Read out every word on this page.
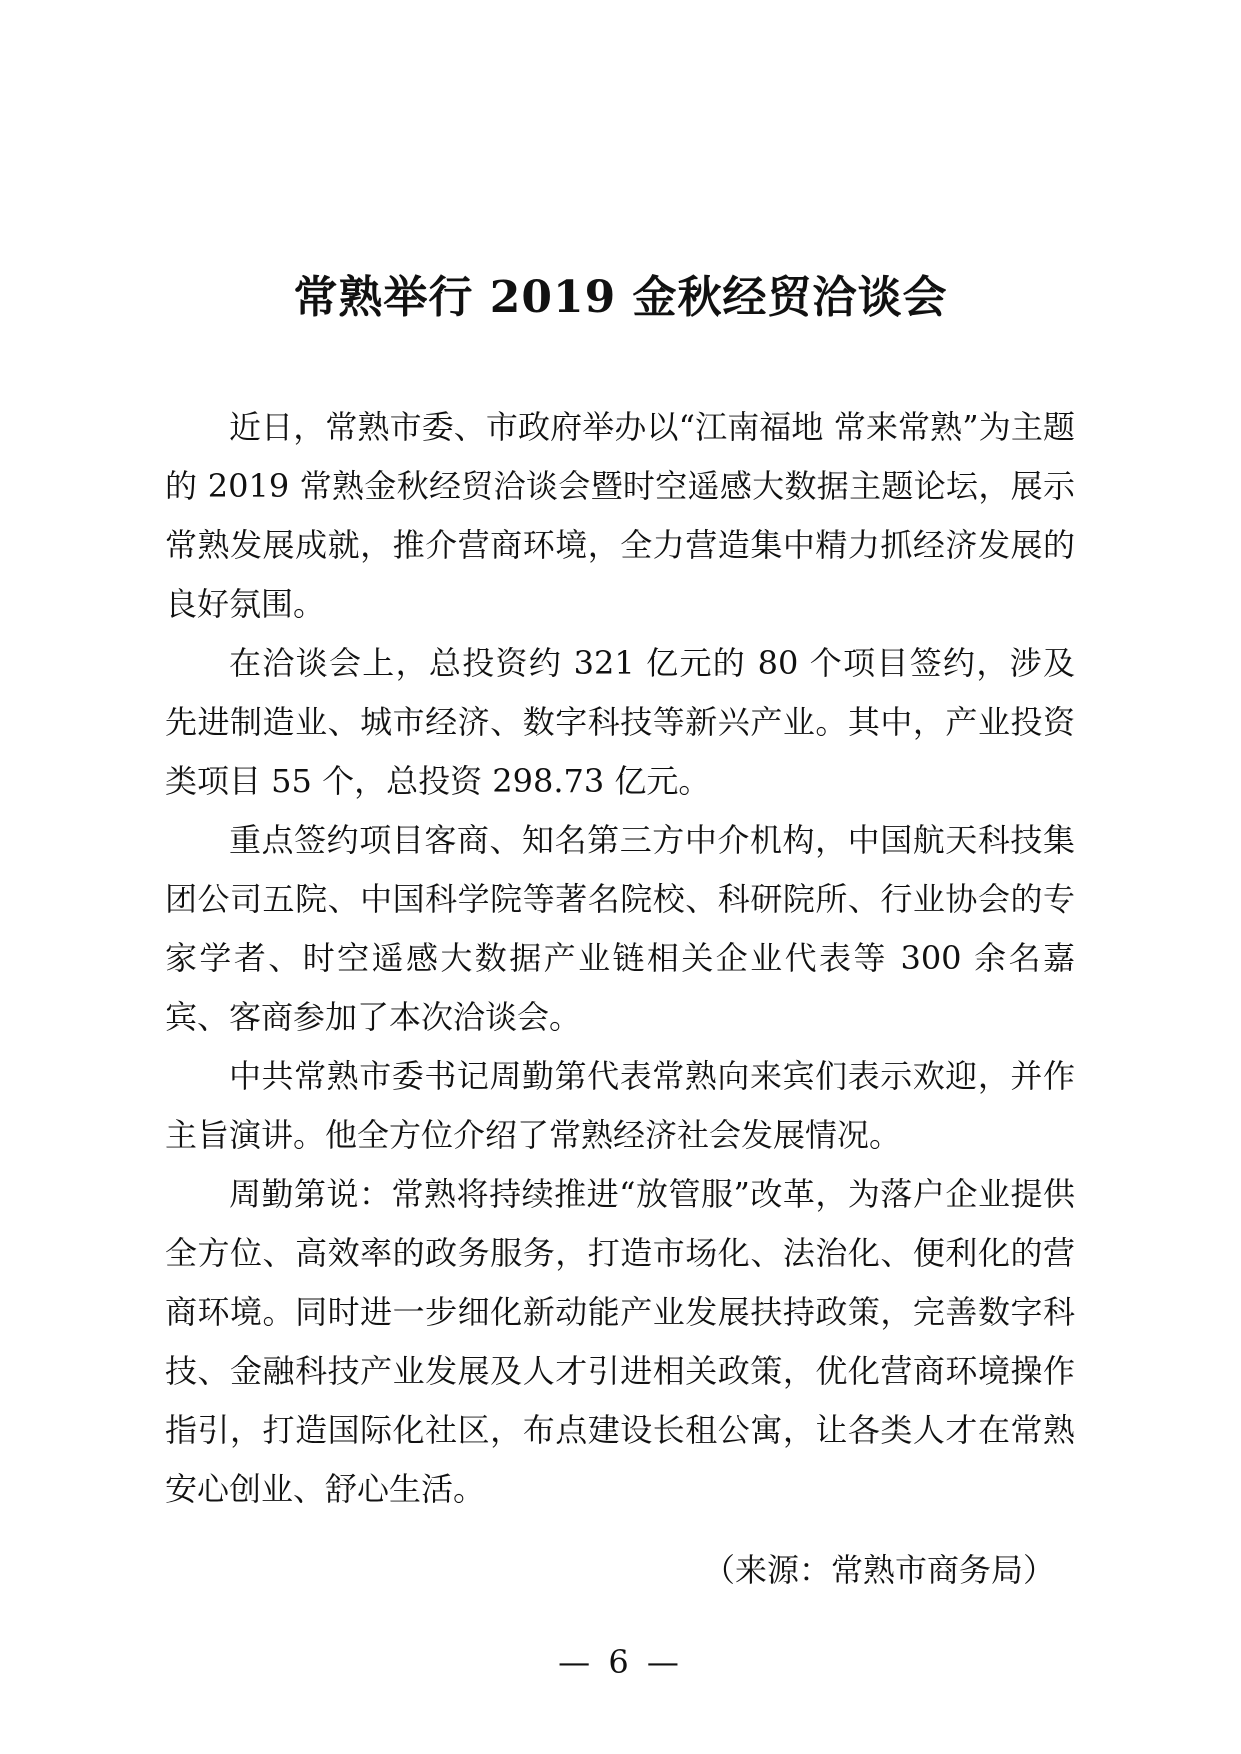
常熟举行 2019 金秋经贸洽谈会

近日，常熟市委、市政府举办以“江南福地 常来常熟”为主题的 2019 常熟金秋经贸洽谈会暨时空遥感大数据主题论坛，展示常熟发展成就，推介营商环境，全力营造集中精力抓经济发展的良好氛围。

在洽谈会上，总投资约 321 亿元的 80 个项目签约，涉及先进制造业、城市经济、数字科技等新兴产业。其中，产业投资类项目 55 个，总投资 298.73 亿元。

重点签约项目客商、知名第三方中介机构，中国航天科技集团公司五院、中国科学院等著名院校、科研院所、行业协会的专家学者、时空遥感大数据产业链相关企业代表等 300 余名嘉宾、客商参加了本次洽谈会。

中共常熟市委书记周勤第代表常熟向来宾们表示欢迎，并作主旨演讲。他全方位介绍了常熟经济社会发展情况。

周勤第说：常熟将持续推进“放管服”改革，为落户企业提供全方位、高效率的政务服务，打造市场化、法治化、便利化的营商环境。同时进一步细化新动能产业发展扶持政策，完善数字科技、金融科技产业发展及人才引进相关政策，优化营商环境操作指引，打造国际化社区，布点建设长租公寓，让各类人才在常熟安心创业、舒心生活。

（来源：常熟市商务局）
— 6 —
